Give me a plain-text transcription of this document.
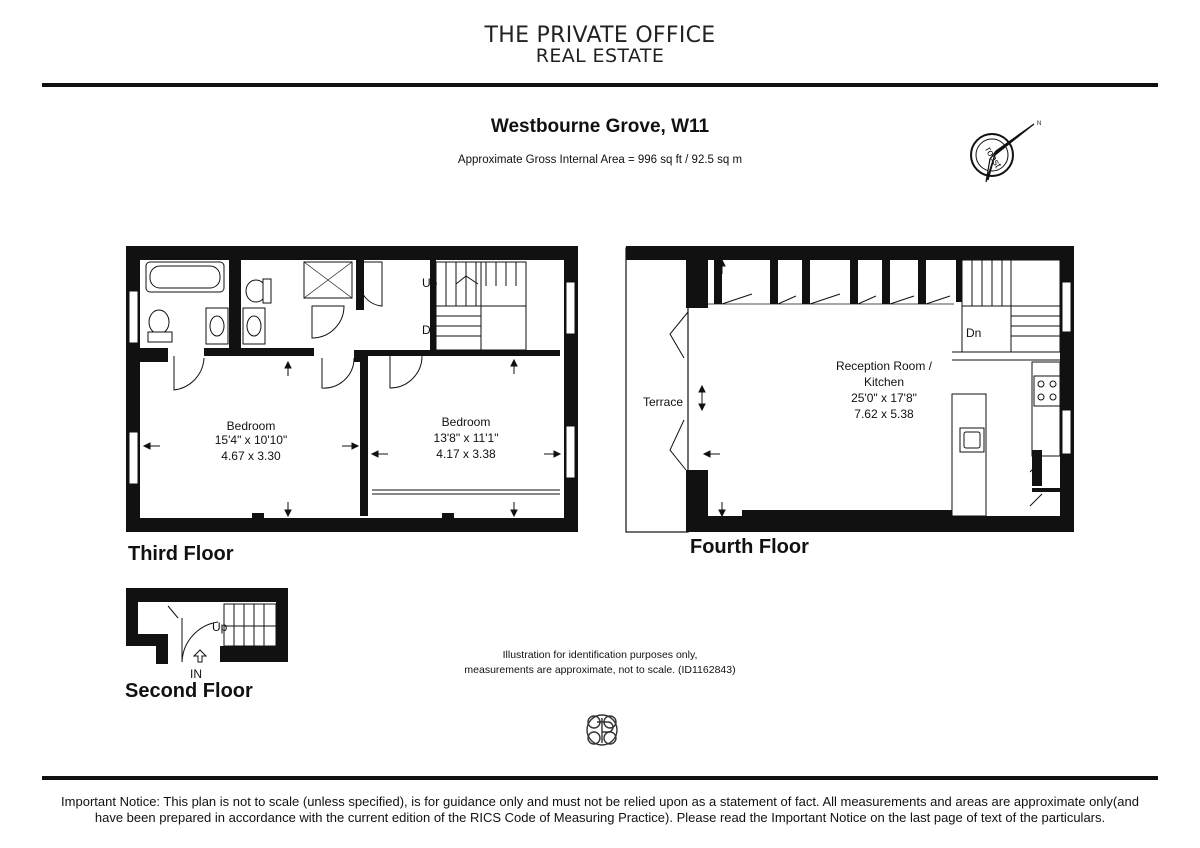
THE PRIVATE OFFICE
REAL ESTATE
Westbourne Grove, W11
Approximate Gross Internal Area = 996 sq ft / 92.5 sq m
N
roost
Up
Dn
Bedroom
15'4" x 10'10"
4.67 x 3.30
Bedroom
13'8" x 11'1"
4.17 x 3.38
Third Floor
Dn
Terrace
Reception Room /
Kitchen
25'0" x 17'8"
7.62 x 5.38
Fourth Floor
Up
IN
Second Floor
Illustration for identification purposes only,
measurements are approximate, not to scale. (ID1162843)
Important Notice: This plan is not to scale (unless specified), is for guidance only and must not be relied upon as a statement of fact. All measurements and areas are approximate only(and
have been prepared in accordance with the current edition of the RICS Code of Measuring Practice). Please read the Important Notice on the last page of text of the particulars.
